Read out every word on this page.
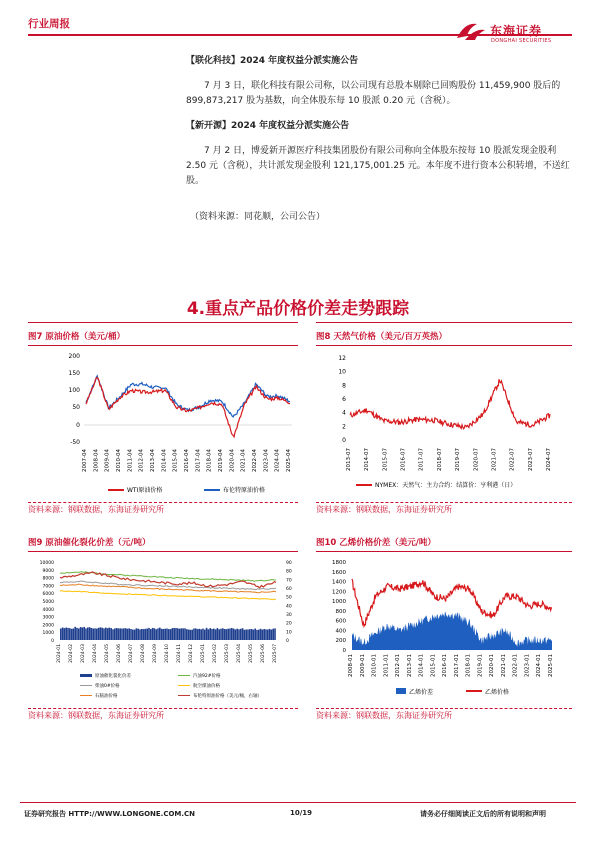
行业周报	东海证券
DONGHAI SECURITIES
【联化科技】2024 年度权益分派实施公告
7 月 3 日，联化科技有限公司称，以公司现有总股本剔除已回购股份 11,459,900 股后的 899,873,217 股为基数，向全体股东每 10 股派 0.20 元（含税）。
【新开源】2024 年度权益分派实施公告
7 月 2 日，博爱新开源医疗科技集团股份有限公司称向全体股东按每 10 股派发现金股利 2.50 元（含税），共计派发现金股利 121,175,001.25 元。本年度不进行资本公积转增，不送红股。
（资料来源：同花顺，公司公告）
4.重点产品价格价差走势跟踪
图7 原油价格（美元/桶）
200
150
100
50
0
-50
2007-04 2008-04 2009-04 2010-04 2011-04 2012-04 2013-04 2014-04 2015-04 2016-04 2017-04 2018-04 2019-04 2020-04 2021-04 2022-04 2023-04 2024-04 2025-04
WTI原油价格	布伦特原油价格
资料来源：钢联数据，东海证券研究所
图8 天然气价格（美元/百万英热）
12
10
8
6
4
2
0
2013-07 2014-07 2015-07 2016-07 2017-07 2018-07 2019-07 2020-07 2021-07 2022-07 2023-07 2024-07
NYMEX：天然气：主力合约：结算价：亨利港（日）
资料来源：钢联数据，东海证券研究所
图9 原油催化裂化价差（元/吨）
10000
9000
8000
7000
6000
5000
4000
3000
2000
1000
0
90
80
70
60
50
40
30
20
10
0
2024-01 2024-02 2024-03 2024-04 2024-05 2024-06 2024-07 2024-08 2024-09 2024-10 2024-11 2024-12 2025-01 2025-02 2025-03 2025-04 2025-05 2025-06 2025-07
原油催化裂化价差	汽油92#价格
柴油0#价格	航空煤油价格
石脑油价格	布伦特原油价格（美元/桶，右轴）
资料来源：钢联数据，东海证券研究所
图10 乙烯价格价差（美元/吨）
1800
1600
1400
1200
1000
800
600
400
200
0
2008-01 2009-01 2010-01 2011-01 2012-01 2013-01 2014-01 2015-01 2016-01 2017-01 2018-01 2019-01 2020-01 2021-01 2022-01 2023-01 2024-01 2025-01
乙烯价差	乙烯价格
资料来源：钢联数据，东海证券研究所
证券研究报告 HTTP://WWW.LONGONE.COM.CN	10/19	请务必仔细阅读正文后的所有说明和声明
